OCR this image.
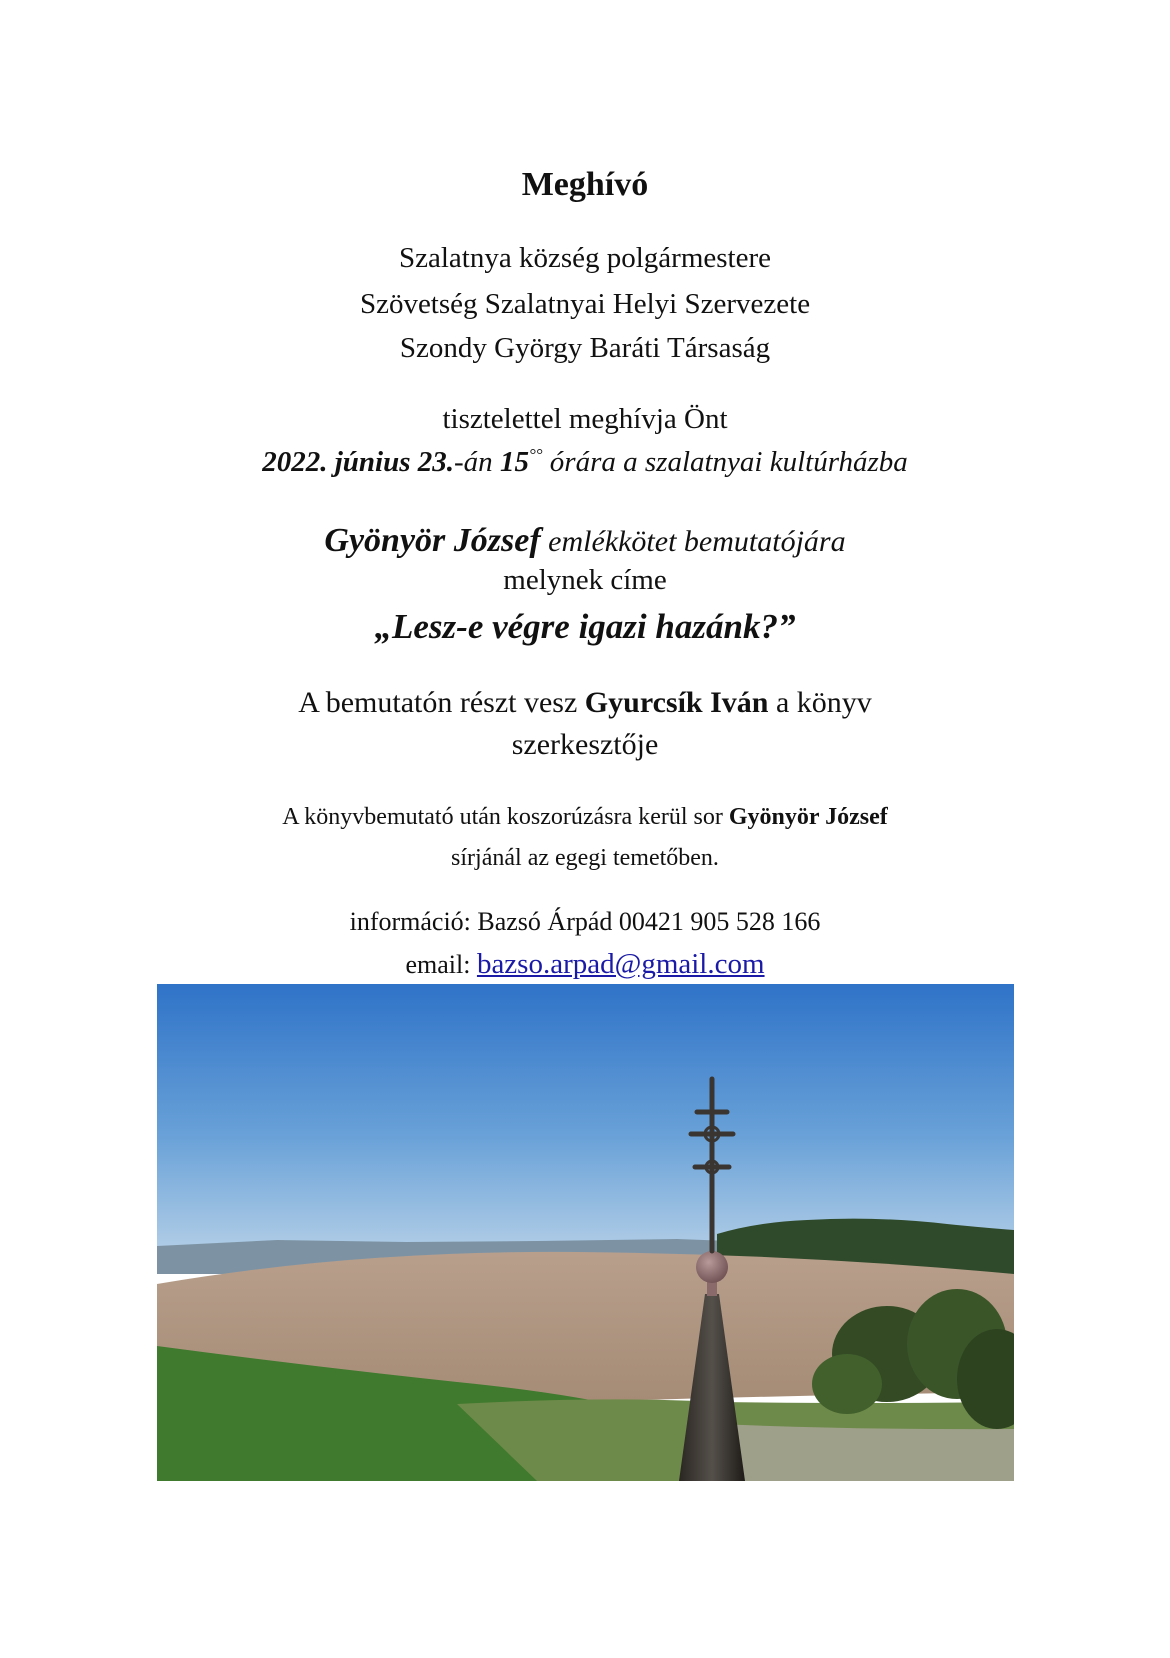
Meghívó
Szalatnya község polgármestere
Szövetség Szalatnyai Helyi Szervezete
Szondy György Baráti Társaság
tisztelettel meghívja Önt
2022. június 23.-án 15°° órára a szalatnyai kultúrházba
Gyönyör József emlékkötet bemutatójára
melynek címe
„Lesz-e végre igazi hazánk?”
A bemutatón részt vesz Gyurcsík Iván a könyv
szerkesztője
A könyvbemutató után koszorúzásra kerül sor Gyönyör József
sírjánál az egegi temetőben.
információ: Bazsó Árpád 00421 905 528 166
email: bazso.arpad@gmail.com
